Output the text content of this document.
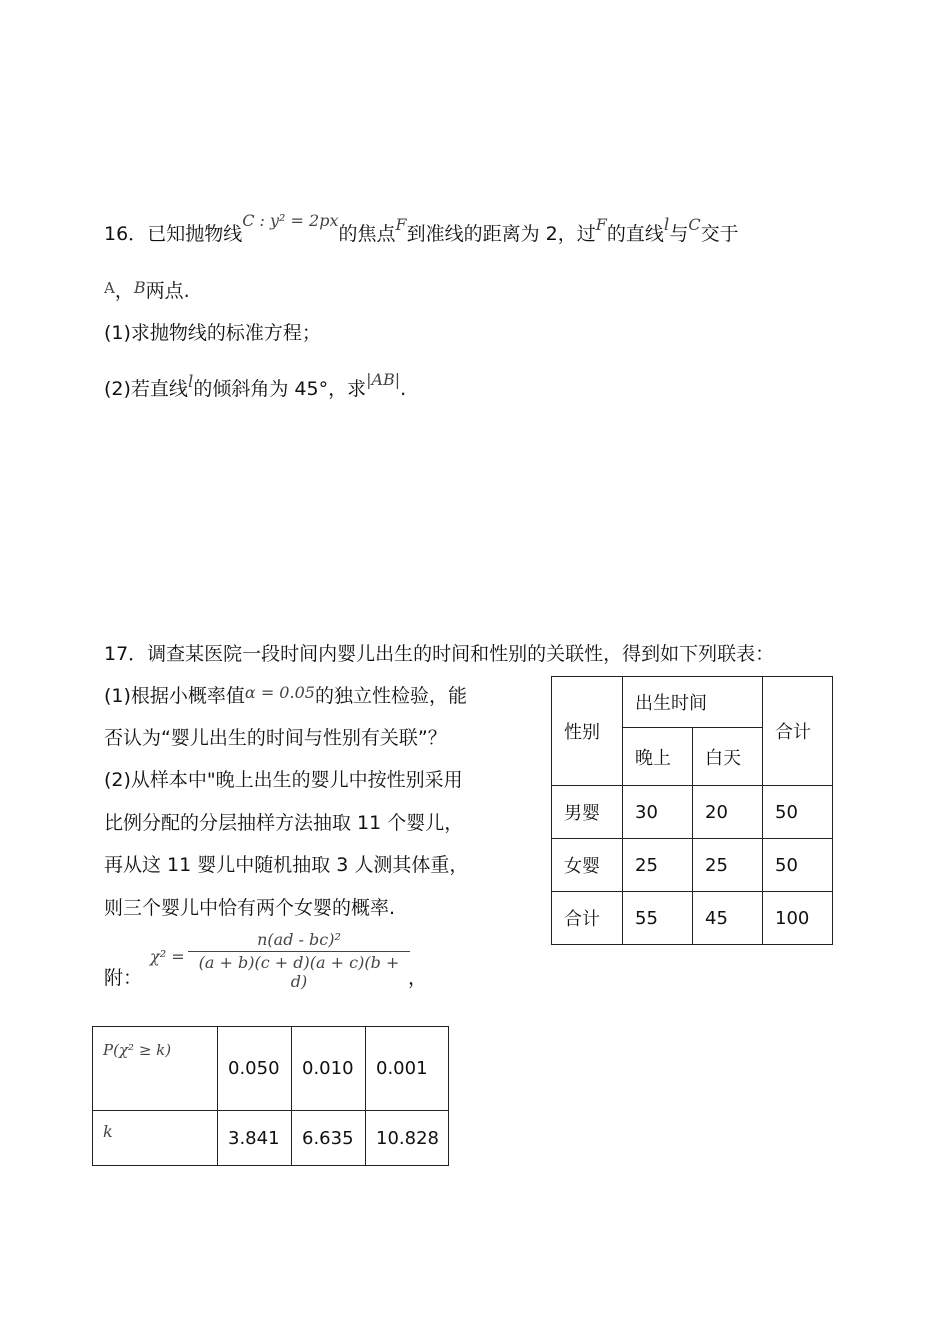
16．已知抛物线$^{C : y^2 = 2px}$的焦点$^F$到准线的距离为 2，过$^F$的直线l与$^C$交于
$^A$，$^B$两点.
(1)求抛物线的标准方程；
(2)若直线l的倾斜角为 45°，求$^{|AB|}$.
17．调查某医院一段时间内婴儿出生的时间和性别的关联性，得到如下列联表：
(1)根据小概率值$^{\alpha = 0.05}$的独立性检验，能
否认为“婴儿出生的时间与性别有关联”？
(2)从样本中"晚上出生的婴儿中按性别采用
比例分配的分层抽样方法抽取 11 个婴儿，
再从这 11 婴儿中随机抽取 3 人测其体重，
则三个婴儿中恰有两个女婴的概率.
附：
$\chi^2 = \frac{\text{n(ad - bc)²}}{(a + b)(c + d)(a + c)(b + d)}$
，
性别	出生时间		合计
	晚上	白天	
男婴	30	20	50
女婴	25	25	50
合计	55	45	100
P(χ² ≥ k)	0.050	0.010	0.001
k	3.841	6.635	10.828
